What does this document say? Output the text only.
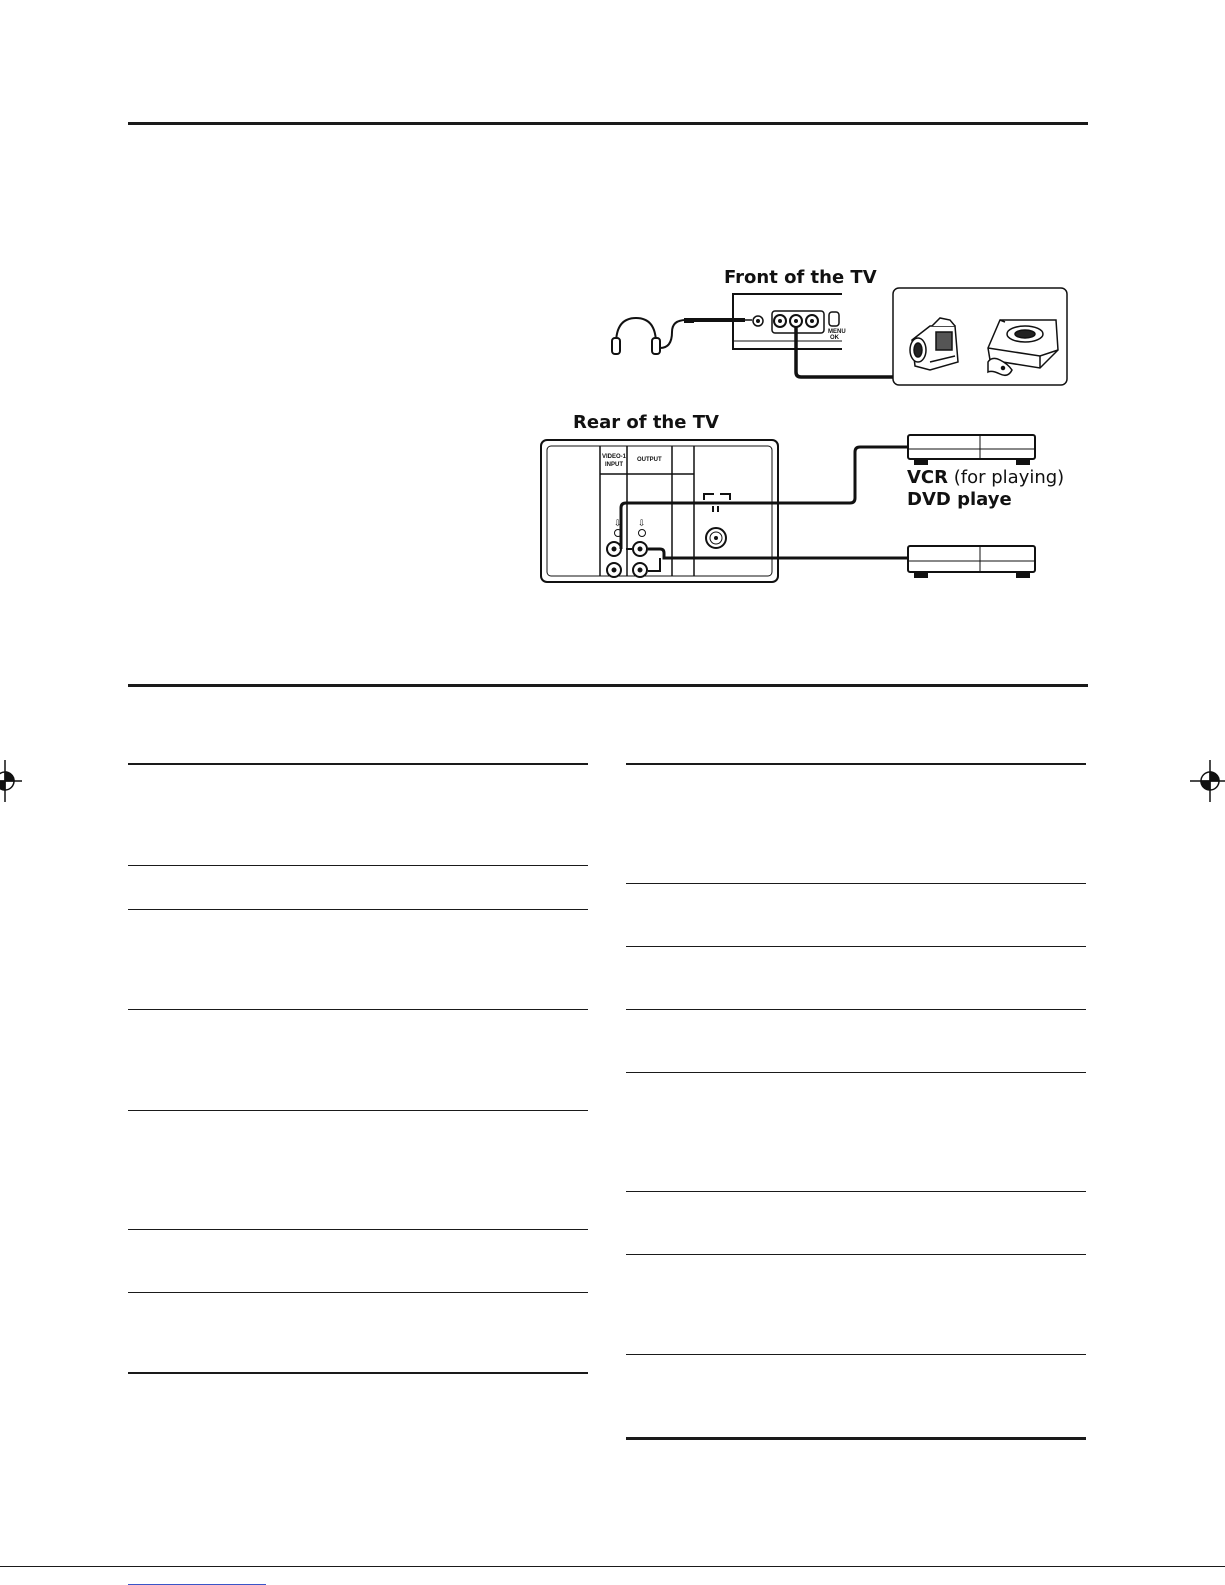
Front of the TV
Rear of the TV
VCR (for playing)
DVD playe
MENU
OK
VIDEO-1
INPUT
OUTPUT
⇩ ⇩
